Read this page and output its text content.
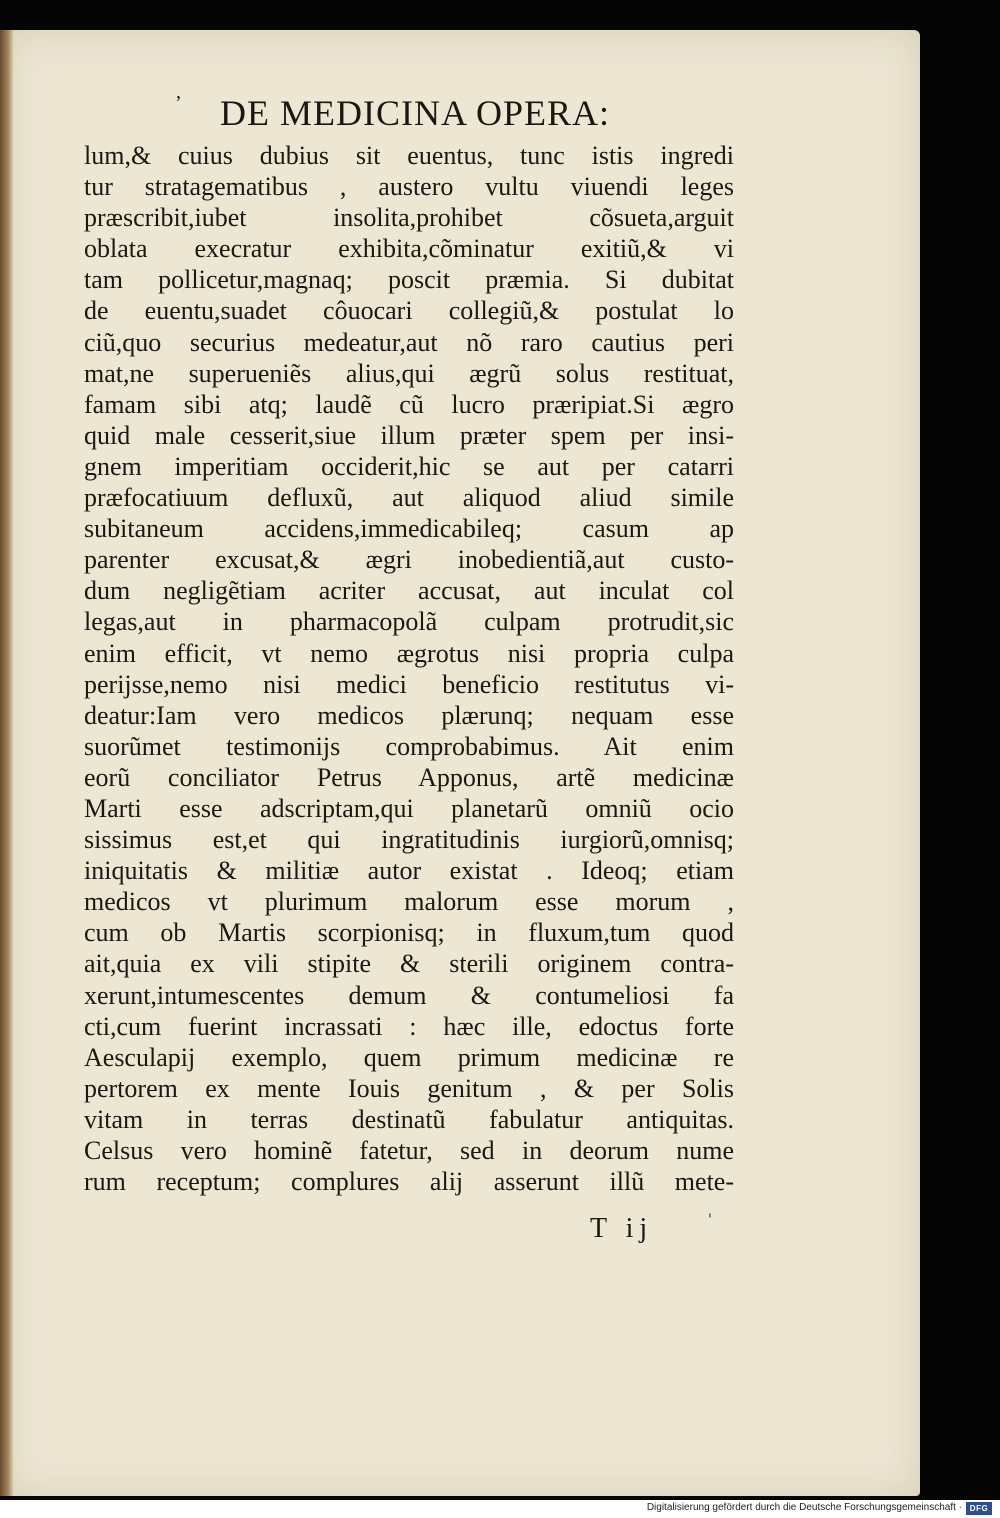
’ DE MEDICINA OPERA:
lum,& cuius dubius sit euentus, tunc istis ingredi
tur stratagematibus , austero vultu viuendi leges
præscribit,iubet insolita,prohibet cõsueta,arguit
oblata execratur exhibita,cõminatur exitiũ,& vi
tam pollicetur,magnaq; poscit præmia. Si dubitat
de euentu,suadet côuocari collegiũ,& postulat lo
ciũ,quo securius medeatur,aut nõ raro cautius peri
mat,ne superueniẽs alius,qui ægrũ solus restituat,
famam sibi atq; laudẽ cũ lucro præripiat.Si ægro
quid male cesserit,siue illum præter spem per insi-
gnem imperitiam occiderit,hic se aut per catarri
præfocatiuum defluxũ, aut aliquod aliud simile
subitaneum accidens,immedicabileq; casum ap
parenter excusat,& ægri inobedientiã,aut custo-
dum negligẽtiam acriter accusat, aut inculat col
legas,aut in pharmacopolã culpam protrudit,sic
enim efficit, vt nemo ægrotus nisi propria culpa
perijsse,nemo nisi medici beneficio restitutus vi-
deatur:Iam vero medicos plærunq; nequam esse
suorũmet testimonijs comprobabimus. Ait enim
eorũ conciliator Petrus Apponus, artẽ medicinæ
Marti esse adscriptam,qui planetarũ omniũ ocio
sissimus est,et qui ingratitudinis iurgiorũ,omnisq;
iniquitatis & militiæ autor existat . Ideoq; etiam
medicos vt plurimum malorum esse morum ,
cum ob Martis scorpionisq; in fluxum,tum quod
ait,quia ex vili stipite & sterili originem contra-
xerunt,intumescentes demum & contumeliosi fa
cti,cum fuerint incrassati : hæc ille, edoctus forte
Aesculapij exemplo, quem primum medicinæ re
pertorem ex mente Iouis genitum , & per Solis
vitam in terras destinatũ fabulatur antiquitas.
Celsus vero hominẽ fatetur, sed in deorum nume
rum receptum; complures alij asserunt illũ mete-
T ij	'
Digitalisierung gefördert durch die Deutsche Forschungsgemeinschaft · DFG
